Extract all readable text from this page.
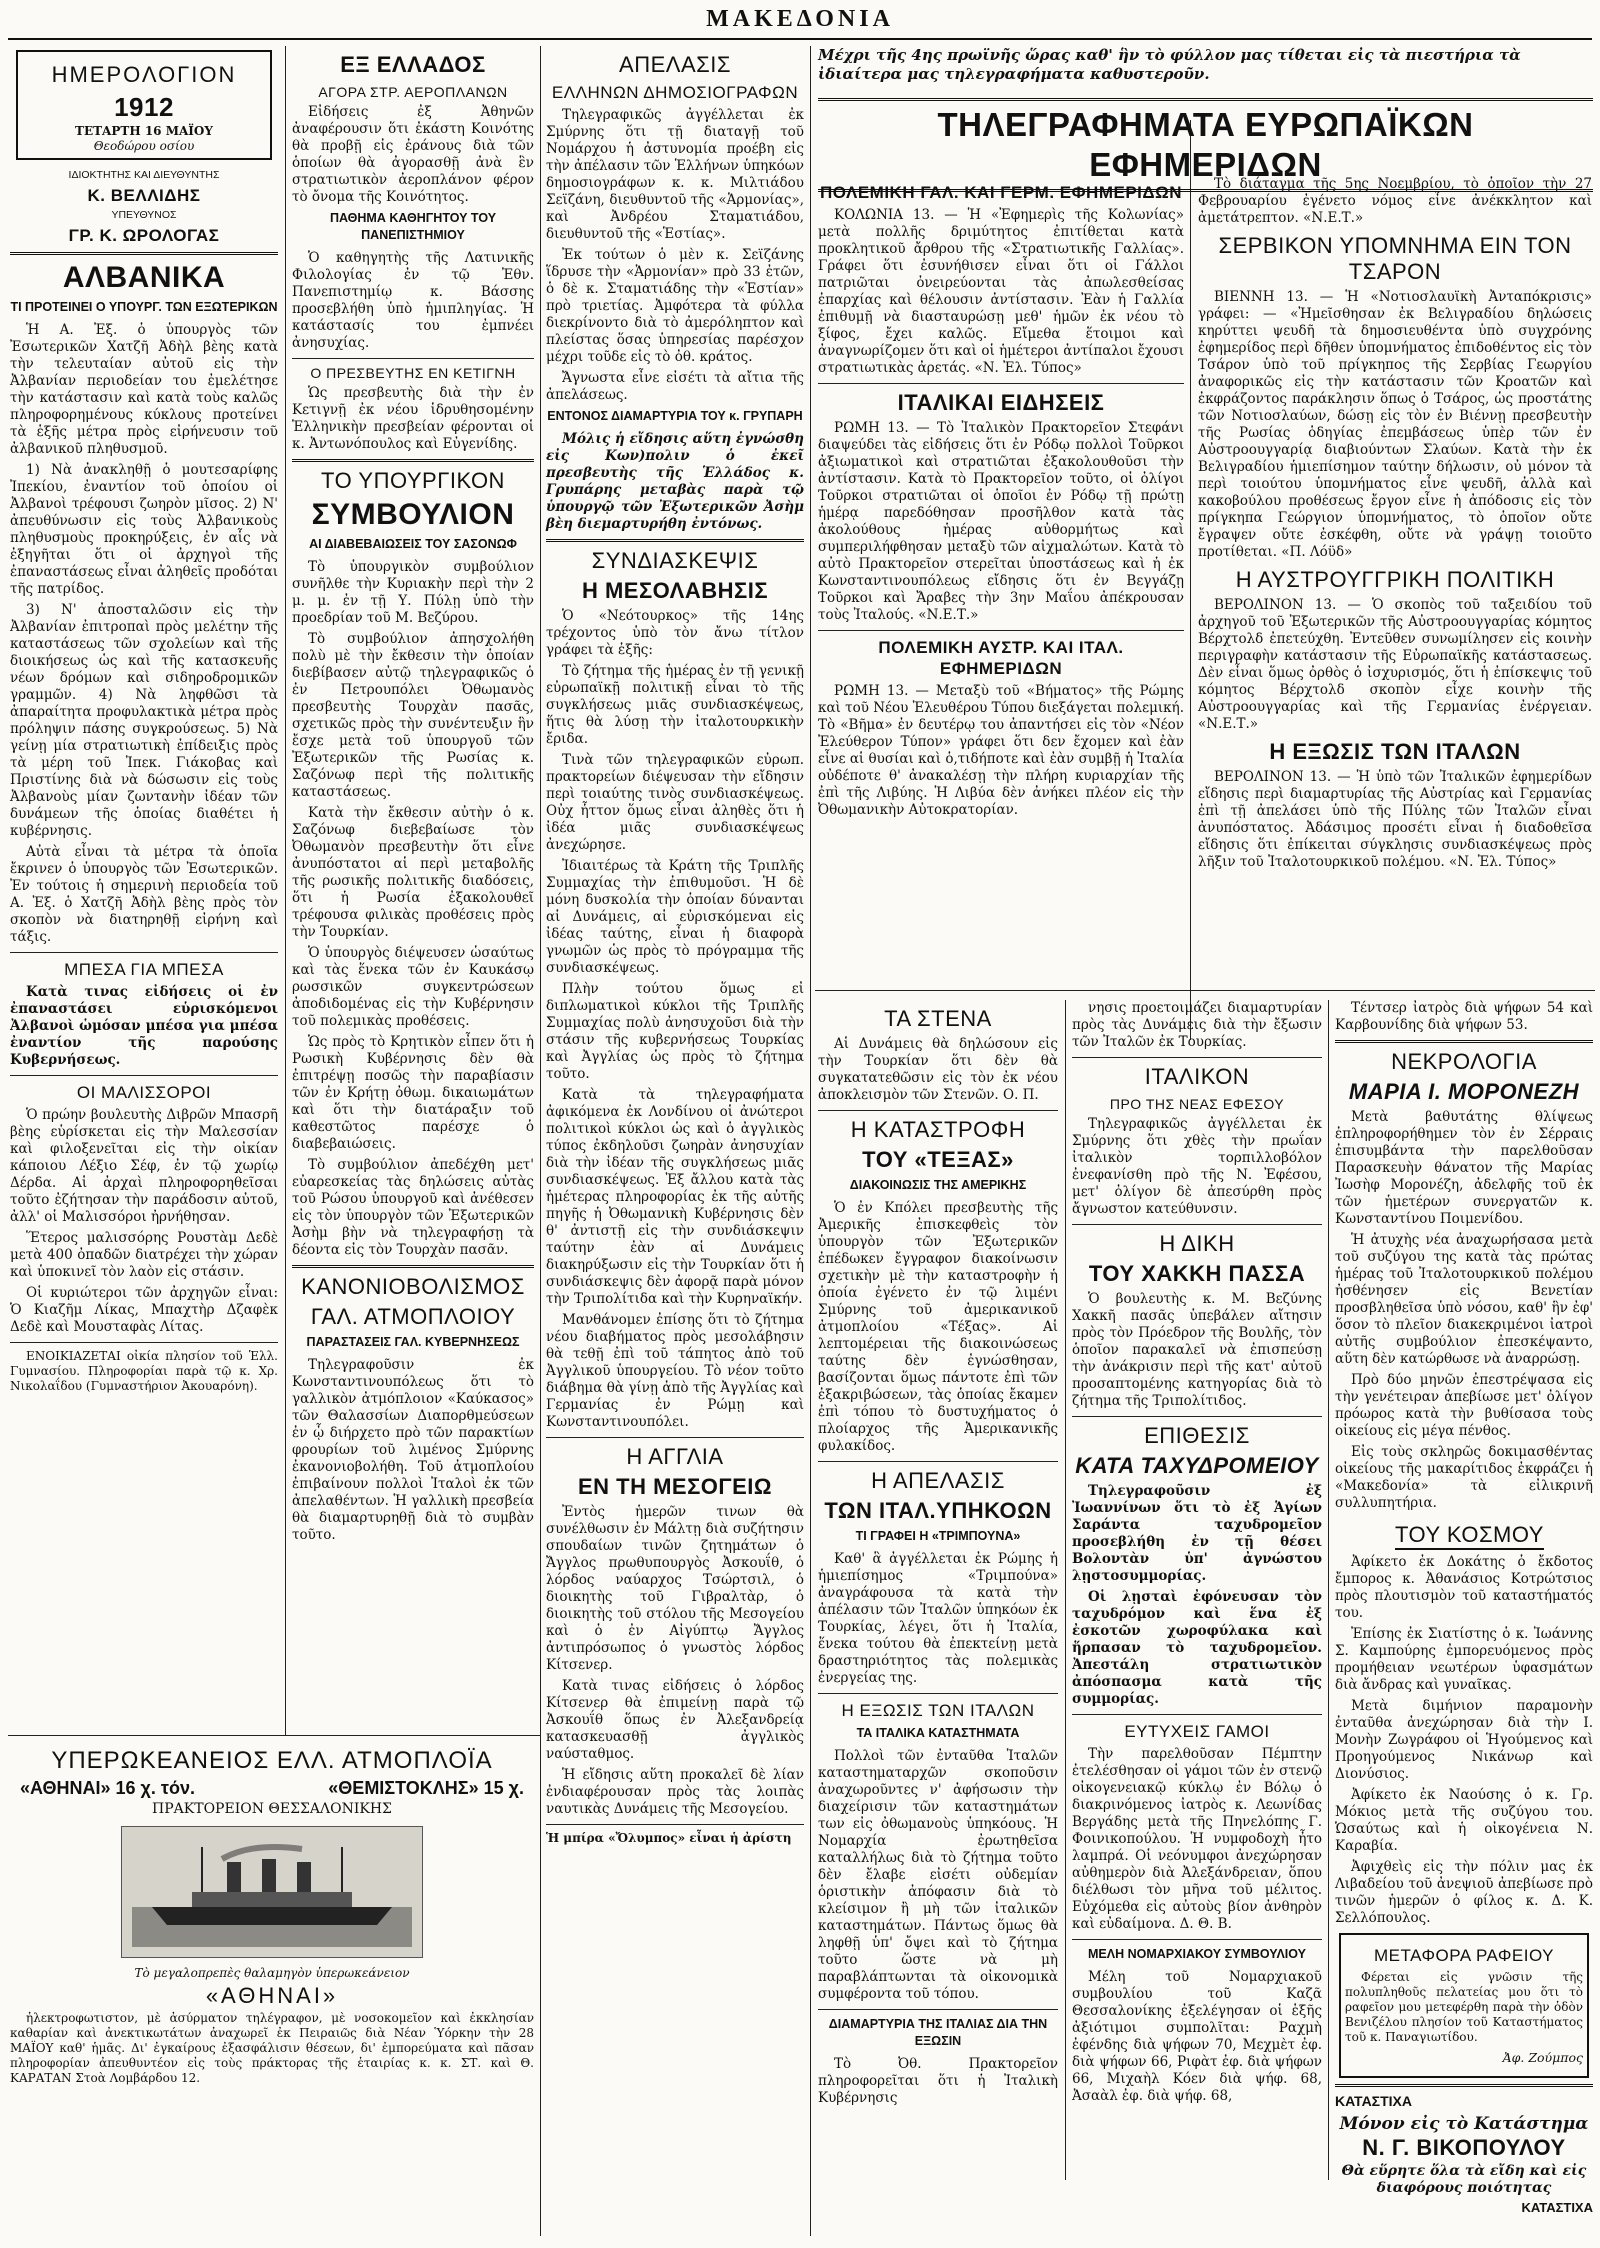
ΜΑΚΕΔΟΝΙΑ
ΗΜΕΡΟΛΟΓΙΟΝ
1912
ΤΕΤΑΡΤΗ 16 ΜΑΪΟΥ
Θεοδώρου οσίου
ΙΔΙΟΚΤΗΤΗΣ ΚΑΙ ΔΙΕΥΘΥΝΤΗΣ
Κ. ΒΕΛΛΙΔΗΣ
ΥΠΕΥΘΥΝΟΣ
ΓΡ. Κ. ΩΡΟΛΟΓΑΣ
ΑΛΒΑΝΙΚΑ
ΤΙ ΠΡΟΤΕΙΝΕΙ Ο ΥΠΟΥΡΓ. ΤΩΝ ΕΞΩΤΕΡΙΚΩΝ

Ἡ Α. Ἐξ. ὁ ὑπουργὸς τῶν Ἐσωτερικῶν Χατζῆ Ἀδὴλ βὲης κατὰ τὴν τελευταίαν αὐτοῦ εἰς τὴν Ἀλβανίαν περιοδείαν του ἐμελέτησε τὴν κατάστασιν καὶ κατὰ τοὺς καλῶς πληροφορημένους κύκλους προτείνει τὰ ἑξῆς μέτρα πρὸς εἰρήνευσιν τοῦ ἀλβανικοῦ πληθυσμοῦ.

1) Νὰ ἀνακληθῇ ὁ μουτεσαρίφης Ἰπεκίου, ἐναντίον τοῦ ὁποίου οἱ Ἀλβανοὶ τρέφουσι ζωηρὸν μῖσος. 2) Ν' ἀπευθύνωσιν εἰς τοὺς Ἀλβανικοὺς πληθυσμοὺς προκηρύξεις, ἐν αἷς νὰ ἐξηγῆται ὅτι οἱ ἀρχηγοὶ τῆς ἐπαναστάσεως εἶναι ἀληθεῖς προδόται τῆς πατρίδος.

3) Ν' ἀποσταλῶσιν εἰς τὴν Ἀλβανίαν ἐπιτροπαὶ πρὸς μελέτην τῆς καταστάσεως τῶν σχολείων καὶ τῆς διοικήσεως ὡς καὶ τῆς κατασκευῆς νέων δρόμων καὶ σιδηροδρομικῶν γραμμῶν. 4) Νὰ ληφθῶσι τὰ ἀπαραίτητα προφυλακτικὰ μέτρα πρὸς πρόληψιν πάσης συγκρούσεως. 5) Νὰ γείνῃ μία στρατιωτικὴ ἐπίδειξις πρὸς τὰ μέρη τοῦ Ἰπεκ. Γιάκοβας καὶ Πριστίνης διὰ νὰ δώσωσιν εἰς τοὺς Ἀλβανοὺς μίαν ζωντανὴν ἰδέαν τῶν δυνάμεων τῆς ὁποίας διαθέτει ἡ κυβέρνησις.

Αὐτὰ εἶναι τὰ μέτρα τὰ ὁποῖα ἔκρινεν ὁ ὑπουργὸς τῶν Ἐσωτερικῶν. Ἐν τούτοις ἡ σημερινὴ περιοδεία τοῦ Α. Ἐξ. ὁ Χατζῆ Ἀδὴλ βὲης πρὸς τὸν σκοπὸν νὰ διατηρηθῇ εἰρήνη καὶ τάξις.

ΜΠΕΣΑ ΓΙΑ ΜΠΕΣΑ

Κατὰ τινας εἰδήσεις οἱ ἐν ἐπαναστάσει εὑρισκόμενοι Ἀλβανοὶ ὡμόσαν μπέσα για μπέσα ἐναντίον τῆς παρούσης Κυβερνήσεως.

ΟΙ ΜΑΛΙΣΣΟΡΟΙ

Ὁ πρώην βουλευτὴς Διβρῶν Μπασρῆ βὲης εὑρίσκεται εἰς τὴν Μαλεσσίαν καὶ φιλοξενεῖται εἰς τὴν οἰκίαν κάποιου Λέξιο Σέφ, ἐν τῷ χωρίῳ Δέρδα. Αἱ ἀρχαὶ πληροφορηθεῖσαι τοῦτο ἐζήτησαν τὴν παράδοσιν αὐτοῦ, ἀλλ' οἱ Μαλισσόροι ἠρνήθησαν.

Ἕτερος μαλισσόρης Ρουστὰμ Δεδὲ μετὰ 400 ὀπαδῶν διατρέχει τὴν χώραν καὶ ὑποκινεῖ τὸν λαὸν εἰς στάσιν.

Οἱ κυριώτεροι τῶν ἀρχηγῶν εἶναι: Ὁ Κιαζῆμ Λίκας, Μπαχτὴρ Δζαφὲκ Δεδὲ καὶ Μουσταφὰς Λίτας.

ΕΝΟΙΚΙΑΖΕΤΑΙ οἰκία πλησίον τοῦ Ἑλλ. Γυμνασίου. Πληροφορίαι παρὰ τῷ κ. Χρ. Νικολαΐδου (Γυμναστήριον Ἀκουαρόνη).

ΕΞ ΕΛΛΑΔΟΣ
ΑΓΟΡΑ ΣΤΡ. ΑΕΡΟΠΛΑΝΩΝ

Εἰδήσεις ἐξ Ἀθηνῶν ἀναφέρουσιν ὅτι ἐκάστη Κοινότης θὰ προβῇ εἰς ἐράνους διὰ τῶν ὁποίων θὰ ἀγορασθῇ ἀνὰ ἓν στρατιωτικὸν ἀεροπλάνον φέρον τὸ ὄνομα τῆς Κοινότητος.

ΠΑΘΗΜΑ ΚΑΘΗΓΗΤΟΥ ΤΟΥ ΠΑΝΕΠΙΣΤΗΜΙΟΥ

Ὁ καθηγητὴς τῆς Λατινικῆς Φιλολογίας ἐν τῷ Ἐθν. Πανεπιστημίῳ κ. Βάσσης προσεβλήθη ὑπὸ ἡμιπληγίας. Ἡ κατάστασίς του ἐμπνέει ἀνησυχίας.

Ο ΠΡΕΣΒΕΥΤΗΣ ΕΝ ΚΕΤΙΓΝΗ

Ὡς πρεσβευτὴς διὰ τὴν ἐν Κετιγνῇ ἐκ νέου ἱδρυθησομένην Ἑλληνικὴν πρεσβείαν φέρονται οἱ κ. Ἀντωνόπουλος καὶ Εὐγενίδης.

ΤΟ ΥΠΟΥΡΓΙΚΟΝ
ΣΥΜΒΟΥΛΙΟΝ
ΑΙ ΔΙΑΒΕΒΑΙΩΣΕΙΣ ΤΟΥ ΣΑΣΟΝΩΦ

Τὸ ὑπουργικὸν συμβούλιον συνῆλθε τὴν Κυριακὴν περὶ τὴν 2 μ. μ. ἐν τῇ Υ. Πύλῃ ὑπὸ τὴν προεδρίαν τοῦ Μ. Βεζύρου.

Τὸ συμβούλιον ἀπησχολήθη πολὺ μὲ τὴν ἔκθεσιν τὴν ὁποίαν διεβίβασεν αὐτῷ τηλεγραφικῶς ὁ ἐν Πετρουπόλει Ὀθωμανὸς πρεσβευτὴς Τουρχὰν πασᾶς, σχετικῶς πρὸς τὴν συνέντευξιν ἣν ἔσχε μετὰ τοῦ ὑπουργοῦ τῶν Ἐξωτερικῶν τῆς Ρωσίας κ. Σαζόνωφ περὶ τῆς πολιτικῆς καταστάσεως.

Κατὰ τὴν ἔκθεσιν αὐτὴν ὁ κ. Σαζόνωφ διεβεβαίωσε τὸν Ὀθωμανὸν πρεσβευτὴν ὅτι εἶνε ἀνυπόστατοι αἱ περὶ μεταβολῆς τῆς ρωσικῆς πολιτικῆς διαδόσεις, ὅτι ἡ Ρωσία ἐξακολουθεῖ τρέφουσα φιλικὰς προθέσεις πρὸς τὴν Τουρκίαν.

Ὁ ὑπουργὸς διέψευσεν ὡσαύτως καὶ τὰς ἕνεκα τῶν ἐν Καυκάσῳ ρωσσικῶν συγκεντρώσεων ἀποδιδομένας εἰς τὴν Κυβέρνησιν τοῦ πολεμικὰς προθέσεις.

Ὡς πρὸς τὸ Κρητικὸν εἶπεν ὅτι ἡ Ρωσικὴ Κυβέρνησις δὲν θὰ ἐπιτρέψῃ ποσῶς τὴν παραβίασιν τῶν ἐν Κρήτῃ ὀθωμ. δικαιωμάτων καὶ ὅτι τὴν διατάραξιν τοῦ καθεστῶτος παρέσχε ὁ διαβεβαιώσεις.

Τὸ συμβούλιον ἀπεδέχθη μετ' εὐαρεσκείας τὰς δηλώσεις αὐτὰς τοῦ Ρώσου ὑπουργοῦ καὶ ἀνέθεσεν εἰς τὸν ὑπουργὸν τῶν Ἐξωτερικῶν Ἀσὴμ βὴν νὰ τηλεγραφήσῃ τὰ δέοντα εἰς τὸν Τουρχὰν πασᾶν.

ΚΑΝΟΝΙΟΒΟΛΙΣΜΟΣ
ΓΑΛ. ΑΤΜΟΠΛΟΙΟΥ
ΠΑΡΑΣΤΑΣΕΙΣ ΓΑΛ. ΚΥΒΕΡΝΗΣΕΩΣ

Τηλεγραφοῦσιν ἐκ Κωνσταντινουπόλεως ὅτι τὸ γαλλικὸν ἀτμόπλοιον «Καύκασος» τῶν Θαλασσίων Διαπορθμεύσεων ἐν ᾧ διήρχετο πρὸ τῶν παρακτίων φρουρίων τοῦ λιμένος Σμύρνης ἐκανονιοβολήθη. Τοῦ ἀτμοπλοίου ἐπιβαίνουν πολλοὶ Ἰταλοὶ ἐκ τῶν ἀπελαθέντων. Ἡ γαλλικὴ πρεσβεία θὰ διαμαρτυρηθῇ διὰ τὸ συμβὰν τοῦτο.

ΑΠΕΛΑΣΙΣ
ΕΛΛΗΝΩΝ ΔΗΜΟΣΙΟΓΡΑΦΩΝ

Τηλεγραφικῶς ἀγγέλλεται ἐκ Σμύρνης ὅτι τῇ διαταγῇ τοῦ Νομάρχου ἡ ἀστυνομία προέβη εἰς τὴν ἀπέλασιν τῶν Ἑλλήνων ὑπηκόων δημοσιογράφων κ. κ. Μιλτιάδου Σεϊζάνη, διευθυντοῦ τῆς «Ἁρμονίας», καὶ Ἀνδρέου Σταματιάδου, διευθυντοῦ τῆς «Ἑστίας».

Ἐκ τούτων ὁ μὲν κ. Σεϊζάνης ἵδρυσε τὴν «Ἁρμονίαν» πρὸ 33 ἐτῶν, ὁ δὲ κ. Σταματιάδης τὴν «Ἑστίαν» πρὸ τριετίας. Ἀμφότερα τὰ φύλλα διεκρίνοντο διὰ τὸ ἀμερόληπτον καὶ πλείστας ὅσας ὑπηρεσίας παρέσχον μέχρι τοῦδε εἰς τὸ ὀθ. κράτος.

Ἄγνωστα εἶνε εἰσέτι τὰ αἴτια τῆς ἀπελάσεως.

ΕΝΤΟΝΟΣ ΔΙΑΜΑΡΤΥΡΙΑ ΤΟΥ κ. ΓΡΥΠΑΡΗ

Μόλις ἡ εἴδησις αὕτη ἐγνώσθη εἰς Κων)πολιν ὁ ἐκεῖ πρεσβευτὴς τῆς Ἑλλάδος κ. Γρυπάρης μεταβὰς παρὰ τῷ ὑπουργῷ τῶν Ἐξωτερικῶν Ἀσὴμ βὲη διεμαρτυρήθη ἐντόνως.

ΣΥΝΔΙΑΣΚΕΨΙΣ
Η ΜΕΣΟΛΑΒΗΣΙΣ

Ὁ «Νεότουρκος» τῆς 14ης τρέχοντος ὑπὸ τὸν ἄνω τίτλον γράφει τὰ ἑξῆς:

Τὸ ζήτημα τῆς ἡμέρας ἐν τῇ γενικῇ εὐρωπαϊκῇ πολιτικῇ εἶναι τὸ τῆς συγκλήσεως μιᾶς συνδιασκέψεως, ἥτις θὰ λύσῃ τὴν ἰταλοτουρκικὴν ἔριδα.

Τινὰ τῶν τηλεγραφικῶν εὐρωπ. πρακτορείων διέψευσαν τὴν εἴδησιν περὶ τοιαύτης τινὸς συνδιασκέψεως. Οὐχ ἧττον ὅμως εἶναι ἀληθὲς ὅτι ἡ ἰδέα μιᾶς συνδιασκέψεως ἀνεχώρησε.

Ἰδιαιτέρως τὰ Κράτη τῆς Τριπλῆς Συμμαχίας τὴν ἐπιθυμοῦσι. Ἡ δὲ μόνη δυσκολία τὴν ὁποίαν δύνανται αἱ Δυνάμεις, αἱ εὐρισκόμεναι εἰς ἰδέας ταύτης, εἶναι ἡ διαφορὰ γνωμῶν ὡς πρὸς τὸ πρόγραμμα τῆς συνδιασκέψεως.

Πλὴν τούτου ὅμως εἰ διπλωματικοὶ κύκλοι τῆς Τριπλῆς Συμμαχίας πολὺ ἀνησυχοῦσι διὰ τὴν στάσιν τῆς κυβερνήσεως Τουρκίας καὶ Ἀγγλίας ὡς πρὸς τὸ ζήτημα τοῦτο.

Κατὰ τὰ τηλεγραφήματα ἀφικόμενα ἐκ Λονδίνου οἱ ἀνώτεροι πολιτικοὶ κύκλοι ὡς καὶ ὁ ἀγγλικὸς τύπος ἐκδηλοῦσι ζωηρὰν ἀνησυχίαν διὰ τὴν ἰδέαν τῆς συγκλήσεως μιᾶς συνδιασκέψεως. Ἐξ ἄλλου κατὰ τὰς ἡμέτερας πληροφορίας ἐκ τῆς αὐτῆς πηγῆς ἡ Ὀθωμανικὴ Κυβέρνησις δὲν θ' ἀντιστῇ εἰς τὴν συνδιάσκεψιν ταύτην ἐὰν αἱ Δυνάμεις διακηρύξωσιν εἰς τὴν Τουρκίαν ὅτι ἡ συνδιάσκεψις δὲν ἀφορᾷ παρὰ μόνον τὴν Τριπολίτιδα καὶ τὴν Κυρηναϊκήν.

Μανθάνομεν ἐπίσης ὅτι τὸ ζήτημα νέου διαβήματος πρὸς μεσολάβησιν θὰ τεθῇ ἐπὶ τοῦ τάπητος ἀπὸ τοῦ Ἀγγλικοῦ ὑπουργείου. Τὸ νέον τοῦτο διάβημα θὰ γίνῃ ἀπὸ τῆς Ἀγγλίας καὶ Γερμανίας ἐν Ρώμῃ καὶ Κωνσταντινουπόλει.

Η ΑΓΓΛΙΑ
ΕΝ ΤΗ ΜΕΣΟΓΕΙΩ

Ἐντὸς ἡμερῶν τινων θὰ συνέλθωσιν ἐν Μάλτῃ διὰ συζήτησιν σπουδαίων τινῶν ζητημάτων ὁ Ἄγγλος πρωθυπουργὸς Ἀσκουΐθ, ὁ λόρδος ναύαρχος Τσώρτσιλ, ὁ διοικητὴς τοῦ Γιβραλτὰρ, ὁ διοικητὴς τοῦ στόλου τῆς Μεσογείου καὶ ὁ ἐν Αἰγύπτῳ Ἄγγλος ἀντιπρόσωπος ὁ γνωστὸς λόρδος Κίτσενερ.

Κατὰ τινας εἰδήσεις ὁ λόρδος Κίτσενερ θὰ ἐπιμείνῃ παρὰ τῷ Ἀσκουΐθ ὅπως ἐν Ἀλεξανδρείᾳ κατασκευασθῇ ἀγγλικὸς ναύσταθμος.

Ἡ εἴδησις αὕτη προκαλεῖ δὲ λίαν ἐνδιαφέρουσαν πρὸς τὰς λοιπὰς ναυτικὰς Δυνάμεις τῆς Μεσογείου.

Ἡ μπίρα «Ὄλυμπος» εἶναι ἡ ἀρίστη

Μέχρι τῆς 4ης πρωϊνῆς ὥρας καθ' ἣν τὸ φύλλον μας τίθεται εἰς τὰ πιεστήρια τὰ ἰδιαίτερα μας τηλεγραφήματα καθυστεροῦν.
ΤΗΛΕΓΡΑΦΗΜΑΤΑ ΕΥΡΩΠΑΪΚΩΝ ΕΦΗΜΕΡΙΔΩΝ
ΠΟΛΕΜΙΚΗ ΓΑΛ. ΚΑΙ ΓΕΡΜ. ΕΦΗΜΕΡΙΔΩΝ

ΚΟΛΩΝΙΑ 13. — Ἡ «Ἐφημερὶς τῆς Κολωνίας» μετὰ πολλῆς δριμύτητος ἐπιτίθεται κατὰ προκλητικοῦ ἄρθρου τῆς «Στρατιωτικῆς Γαλλίας». Γράφει ὅτι ἐσυνήθισεν εἶναι ὅτι οἱ Γάλλοι πατριῶται ὀνειρεύονται τὰς ἀπωλεσθείσας ἐπαρχίας καὶ θέλουσιν ἀντίστασιν. Ἐὰν ἡ Γαλλία ἐπιθυμῇ νὰ διασταυρώσῃ μεθ' ἡμῶν ἐκ νέου τὸ ξίφος, ἔχει καλῶς. Εἴμεθα ἕτοιμοι καὶ ἀναγνωρίζομεν ὅτι καὶ οἱ ἡμέτεροι ἀντίπαλοι ἔχουσι στρατιωτικὰς ἀρετάς. «Ν. Ἐλ. Τύπος»

ΙΤΑΛΙΚΑΙ ΕΙΔΗΣΕΙΣ

ΡΩΜΗ 13. — Τὸ Ἰταλικὸν Πρακτορεῖον Στεφάνι διαψεύδει τὰς εἰδήσεις ὅτι ἐν Ρόδῳ πολλοὶ Τοῦρκοι ἀξιωματικοὶ καὶ στρατιῶται ἐξακολουθοῦσι τὴν ἀντίστασιν. Κατὰ τὸ Πρακτορεῖον τοῦτο, οἱ ὀλίγοι Τοῦρκοι στρατιῶται οἱ ὁποῖοι ἐν Ρόδῳ τῇ πρώτῃ ἡμέρᾳ παρεδόθησαν προσῆλθον κατὰ τὰς ἀκολούθους ἡμέρας αὐθορμήτως καὶ συμπεριλήφθησαν μεταξὺ τῶν αἰχμαλώτων. Κατὰ τὸ αὐτὸ Πρακτορεῖον στερεῖται ὑποστάσεως καὶ ἡ ἐκ Κωνσταντινουπόλεως εἴδησις ὅτι ἐν Βεγγάζῃ Τοῦρκοι καὶ Ἄραβες τὴν 3ην Μαΐου ἀπέκρουσαν τοὺς Ἰταλούς. «Ν.Ε.Τ.»

ΠΟΛΕΜΙΚΗ ΑΥΣΤΡ. ΚΑΙ ΙΤΑΛ. ΕΦΗΜΕΡΙΔΩΝ

ΡΩΜΗ 13. — Μεταξὺ τοῦ «Βήματος» τῆς Ρώμης καὶ τοῦ Νέου Ἐλευθέρου Τύπου διεξάγεται πολεμική. Τὸ «Βῆμα» ἐν δευτέρῳ του ἀπαντήσει εἰς τὸν «Νέον Ἐλεύθερον Τύπον» γράφει ὅτι δεν ἔχομεν καὶ ἐὰν εἶνε αἱ θυσίαι καὶ ὁ,τιδήποτε καὶ ἐὰν συμβῇ ἡ Ἰταλία οὐδέποτε θ' ἀνακαλέσῃ τὴν πλήρη κυριαρχίαν τῆς ἐπὶ τῆς Λιβύης. Ἡ Λιβύα δὲν ἀνήκει πλέον εἰς τὴν Ὀθωμανικὴν Αὐτοκρατορίαν.

Τὸ διάταγμα τῆς 5ης Νοεμβρίου, τὸ ὁποῖον τὴν 27 Φεβρουαρίου ἐγένετο νόμος εἶνε ἀνέκκλητον καὶ ἀμετάτρεπτον. «Ν.Ε.Τ.»

ΣΕΡΒΙΚΟΝ ΥΠΟΜΝΗΜΑ ΕΙΝ ΤΟΝ ΤΣΑΡΟΝ

ΒΙΕΝΝΗ 13. — Ἡ «Νοτιοσλαυϊκὴ Ἀνταπόκρισις» γράφει: — «Ἠμεῖσθησαν ἐκ Βελιγραδίου δηλώσεις κηρύττει ψευδῆ τὰ δημοσιευθέντα ὑπὸ συγχρόνης ἐφημερίδος περὶ δῆθεν ὑπομνήματος ἐπιδοθέντος εἰς τὸν Τσάρον ὑπὸ τοῦ πρίγκηπος τῆς Σερβίας Γεωργίου ἀναφορικῶς εἰς τὴν κατάστασιν τῶν Κροατῶν καὶ ἐκφράζοντος παράκλησιν ὅπως ὁ Τσάρος, ὡς προστάτης τῶν Νοτιοσλαύων, δώσῃ εἰς τὸν ἐν Βιέννῃ πρεσβευτὴν τῆς Ρωσίας ὁδηγίας ἐπεμβάσεως ὑπὲρ τῶν ἐν Αὐστροουγγαρίᾳ διαβιούντων Σλαύων. Κατὰ τὴν ἐκ Βελιγραδίου ἡμιεπίσημον ταύτην δήλωσιν, οὐ μόνον τὰ περὶ τοιούτου ὑπομνήματος εἶνε ψευδῆ, ἀλλὰ καὶ κακοβούλου προθέσεως ἔργον εἶνε ἡ ἀπόδοσις εἰς τὸν πρίγκηπα Γεώργιον ὑπομνήματος, τὸ ὁποῖον οὔτε ἔγραψεν οὔτε ἐσκέφθη, οὔτε νὰ γράψῃ τοιοῦτο προτίθεται. «Π. Λόϋδ»

Η ΑΥΣΤΡΟΥΓΓΡΙΚΗ ΠΟΛΙΤΙΚΗ

ΒΕΡΟΛΙΝΟΝ 13. — Ὁ σκοπὸς τοῦ ταξειδίου τοῦ ἀρχηγοῦ τοῦ Ἐξωτερικῶν τῆς Αὐστροουγγαρίας κόμητος Βέρχτολδ ἐπετεύχθη. Ἐντεῦθεν συνωμίλησεν εἰς κοινὴν περιγραφὴν κατάστασιν τῆς Εὐρωπαϊκῆς κατάστασεως. Δὲν εἶναι ὅμως ὀρθὸς ὁ ἰσχυρισμός, ὅτι ἡ ἐπίσκεψις τοῦ κόμητος Βέρχτολδ σκοπὸν εἶχε κοινὴν τῆς Αὐστροουγγαρίας καὶ τῆς Γερμανίας ἐνέργειαν. «Ν.Ε.Τ.»

Η ΕΞΩΣΙΣ ΤΩΝ ΙΤΑΛΩΝ

ΒΕΡΟΛΙΝΟΝ 13. — Ἡ ὑπὸ τῶν Ἰταλικῶν ἐφημερίδων εἴδησις περὶ διαμαρτυρίας τῆς Αὐστρίας καὶ Γερμανίας ἐπὶ τῇ ἀπελάσει ὑπὸ τῆς Πύλης τῶν Ἰταλῶν εἶναι ἀνυπόστατος. Ἀδάσιμος προσέτι εἶναι ἡ διαδοθεῖσα εἴδησις ὅτι ἐπίκειται σύγκλησις συνδιασκέψεως πρὸς λῆξιν τοῦ Ἰταλοτουρκικοῦ πολέμου. «Ν. Ἐλ. Τύπος»

ΤΑ ΣΤΕΝΑ

Αἱ Δυνάμεις θὰ δηλώσουν εἰς τὴν Τουρκίαν ὅτι δὲν θὰ συγκατατεθῶσιν εἰς τὸν ἐκ νέου ἀποκλεισμὸν τῶν Στενῶν. Ο. Π.

Η ΚΑΤΑΣΤΡΟΦΗ
ΤΟΥ «ΤΕΞΑΣ»
ΔΙΑΚΟΙΝΩΣΙΣ ΤΗΣ ΑΜΕΡΙΚΗΣ

Ὁ ἐν Κπόλει πρεσβευτὴς τῆς Ἀμερικῆς ἐπισκεφθεὶς τὸν ὑπουργὸν τῶν Ἐξωτερικῶν ἐπέδωκεν ἔγγραφον διακοίνωσιν σχετικὴν μὲ τὴν καταστροφὴν ἡ ὁποία ἐγένετο ἐν τῷ λιμένι Σμύρνης τοῦ ἀμερικανικοῦ ἀτμοπλοίου «Τέξας». Αἱ λεπτομέρειαι τῆς διακοινώσεως ταύτης δὲν ἐγνώσθησαν, βασίζονται ὅμως πάντοτε ἐπὶ τῶν ἐξακριβώσεων, τὰς ὁποίας ἔκαμεν ἐπὶ τόπου τὸ δυστυχήματος ὁ πλοίαρχος τῆς Ἀμερικανικῆς φυλακίδος.

Η ΑΠΕΛΑΣΙΣ
ΤΩΝ ΙΤΑΛ.ΥΠΗΚΟΩΝ
ΤΙ ΓΡΑΦΕΙ Η «ΤΡΙΜΠΟΥΝΑ»

Καθ' ἃ ἀγγέλλεται ἐκ Ρώμης ἡ ἡμιεπίσημος «Τριμπούνα» ἀναγράφουσα τὰ κατὰ τὴν ἀπέλασιν τῶν Ἰταλῶν ὑπηκόων ἐκ Τουρκίας, λέγει, ὅτι ἡ Ἰταλία, ἕνεκα τούτου θὰ ἐπεκτείνῃ μετὰ δραστηριότητος τὰς πολεμικὰς ἐνεργείας της.

Η ΕΞΩΣΙΣ ΤΩΝ ΙΤΑΛΩΝ
ΤΑ ΙΤΑΛΙΚΑ ΚΑΤΑΣΤΗΜΑΤΑ

Πολλοὶ τῶν ἐνταῦθα Ἰταλῶν καταστηματαρχῶν σκοποῦσιν ἀναχωροῦντες ν' ἀφήσωσιν τὴν διαχείρισιν τῶν καταστημάτων των εἰς ὀθωμανοὺς ὑπηκόους. Ἡ Νομαρχία ἐρωτηθεῖσα καταλλήλως διὰ τὸ ζήτημα τοῦτο δὲν ἔλαβε εἰσέτι οὐδεμίαν ὁριστικὴν ἀπόφασιν διὰ τὸ κλείσιμον ἢ μὴ τῶν ἰταλικῶν καταστημάτων. Πάντως ὅμως θὰ ληφθῇ ὑπ' ὄψει καὶ τὸ ζήτημα τοῦτο ὥστε νὰ μὴ παραβλάπτωνται τὰ οἰκονομικὰ συμφέροντα τοῦ τόπου.

ΔΙΑΜΑΡΤΥΡΙΑ ΤΗΣ ΙΤΑΛΙΑΣ ΔΙΑ ΤΗΝ ΕΞΩΣΙΝ

Τὸ Ὀθ. Πρακτορεῖον πληροφορεῖται ὅτι ἡ Ἰταλικὴ Κυβέρνησις

νησις προετοιμάζει διαμαρτυρίαν πρὸς τὰς Δυνάμεις διὰ τὴν ἔξωσιν τῶν Ἰταλῶν ἐκ Τουρκίας.

ΙΤΑΛΙΚΟΝ
ΠΡΟ ΤΗΣ ΝΕΑΣ ΕΦΕΣΟΥ

Τηλεγραφικῶς ἀγγέλλεται ἐκ Σμύρνης ὅτι χθὲς τὴν πρωΐαν ἰταλικὸν τορπιλλοβόλον ἐνεφανίσθη πρὸ τῆς Ν. Ἐφέσου, μετ' ὀλίγον δὲ ἀπεσύρθη πρὸς ἄγνωστον κατεύθυνσιν.

Η ΔΙΚΗ
ΤΟΥ ΧΑΚΚΗ ΠΑΣΣΑ

Ὁ βουλευτὴς κ. Μ. Βεζύνης Χακκῆ πασᾶς ὑπεβάλεν αἴτησιν πρὸς τὸν Πρόεδρον τῆς Βουλῆς, τὸν ὁποῖον παρακαλεῖ νὰ ἐπισπεύσῃ τὴν ἀνάκρισιν περὶ τῆς κατ' αὐτοῦ προσαπτομένης κατηγορίας διὰ τὸ ζήτημα τῆς Τριπολίτιδος.

ΕΠΙΘΕΣΙΣ
ΚΑΤΑ ΤΑΧΥΔΡΟΜΕΙΟΥ

Τηλεγραφοῦσιν ἐξ Ἰωαννίνων ὅτι τὸ ἐξ Ἁγίων Σαράντα ταχυδρομεῖον προσεβλήθη ἐν τῇ θέσει Βολοντὰν ὑπ' ἀγνώστου λῃστοσυμμορίας.

Οἱ λῃσταὶ ἐφόνευσαν τὸν ταχυδρόμον καὶ ἕνα ἐξ ἐσκοτῶν χωροφύλακα καὶ ἥρπασαν τὸ ταχυδρομεῖον. Ἀπεστάλη στρατιωτικὸν ἀπόσπασμα κατὰ τῆς συμμορίας.

ΕΥΤΥΧΕΙΣ ΓΑΜΟΙ

Τὴν παρελθοῦσαν Πέμπτην ἐτελέσθησαν οἱ γάμοι τῶν ἐν στενῷ οἰκογενειακῷ κύκλῳ ἐν Βόλῳ ὁ διακρινόμενος ἰατρὸς κ. Λεωνίδας Βεργάδης μετὰ τῆς Πηνελόπης Γ. Φοινικοπούλου. Ἡ νυμφοδοχὴ ἦτο λαμπρά. Οἱ νεόνυμφοι ἀνεχώρησαν αὐθημερὸν διὰ Ἀλεξάνδρειαν, ὅπου διέλθωσι τὸν μῆνα τοῦ μέλιτος. Εὐχόμεθα εἰς αὐτοὺς βίον ἀνθηρὸν καὶ εὐδαίμονα. Δ. Θ. Β.

ΜΕΛΗ ΝΟΜΑΡΧΙΑΚΟΥ ΣΥΜΒΟΥΛΙΟΥ

Μέλη τοῦ Νομαρχιακοῦ συμβουλίου τοῦ Καζᾶ Θεσσαλονίκης ἐξελέγησαν οἱ ἑξῆς ἀξιότιμοι συμπολῖται: Ραχμὴ ἐφένδης διὰ ψήφων 70, Μεχμὲτ ἐφ. διὰ ψήφων 66, Ριφὰτ ἐφ. διὰ ψήφων 66, Μιχαὴλ Κόεν διὰ ψήφ. 68, Ἀσαὰλ ἐφ. διὰ ψήφ. 68,

Τέντσερ ἰατρὸς διὰ ψήφων 54 καὶ Καρβουνίδης διὰ ψήφων 53.

ΝΕΚΡΟΛΟΓΙΑ
ΜΑΡΙΑ Ι. ΜΟΡΟΝΕΖΗ

Μετὰ βαθυτάτης θλίψεως ἐπληροφορήθημεν τὸν ἐν Σέρραις ἐπισυμβάντα τὴν παρελθοῦσαν Παρασκευὴν θάνατον τῆς Μαρίας Ἰωσὴφ Μορονέζη, ἀδελφῆς τοῦ ἐκ τῶν ἡμετέρων συνεργατῶν κ. Κωνσταντίνου Ποιμενίδου.

Ἡ ἀτυχὴς νέα ἀναχωρήσασα μετὰ τοῦ συζύγου της κατὰ τὰς πρώτας ἡμέρας τοῦ Ἰταλοτουρκικοῦ πολέμου ἠσθένησεν εἰς Βενετίαν προσβληθεῖσα ὑπὸ νόσου, καθ' ἣν ἐφ' ὅσον τὸ πλεῖον διακεκριμένοι ἰατροὶ αὐτῆς συμβούλιον ἐπεσκέψαντο, αὕτη δὲν κατώρθωσε νὰ ἀναρρώσῃ.

Πρὸ δύο μηνῶν ἐπεστρέψασα εἰς τὴν γενέτειραν ἀπεβίωσε μετ' ὀλίγον πρόωρος κατὰ τὴν βυθίσασα τοὺς οἰκείους εἰς μέγα πένθος.

Εἰς τοὺς σκληρῶς δοκιμασθέντας οἰκείους τῆς μακαρίτιδος ἐκφράζει ἡ «Μακεδονία» τὰ εἰλικρινῆ συλλυπητήρια.

ΤΟΥ ΚΟΣΜΟΥ

Ἀφίκετο ἐκ Δοκάτης ὁ ἔκδοτος ἔμπορος κ. Ἀθανάσιος Κοτρώτσιος πρὸς πλουτισμὸν τοῦ καταστήματός του.

Ἐπίσης ἐκ Σιατίστης ὁ κ. Ἰωάννης Σ. Καμπούρης ἐμπορευόμενος πρὸς προμήθειαν νεωτέρων ὑφασμάτων διὰ ἄνδρας καὶ γυναῖκας.

Μετὰ διμήνιον παραμονὴν ἐνταῦθα ἀνεχώρησαν διὰ τὴν Ι. Μονὴν Ζωγράφου οἱ Ἡγούμενος καὶ Προηγούμενος Νικάνωρ καὶ Διονύσιος.

Ἀφίκετο ἐκ Ναούσης ὁ κ. Γρ. Μόκιος μετὰ τῆς συζύγου του. Ὡσαύτως καὶ ἡ οἰκογένεια Ν. Καραβία.

Ἀφιχθεὶς εἰς τὴν πόλιν μας ἐκ Λιβαδείου τοῦ ἀνεψιοῦ ἀπεβίωσε πρὸ τινῶν ἡμερῶν ὁ φίλος κ. Δ. Κ. Σελλόπουλος.

ΜΕΤΑΦΟΡΑ ΡΑΦΕΙΟΥ

Φέρεται εἰς γνῶσιν τῆς πολυπληθοῦς πελατείας μου ὅτι τὸ ραφεῖον μου μετεφέρθη παρὰ τὴν ὁδὸν Βενιζέλου πλησίον τοῦ Καταστήματος τοῦ κ. Παναγιωτίδου.

Ἀφ. Ζούμπος
ΚΑΤΑΣΤΙΧΑ
Μόνον εἰς τὸ Κατάστημα
Ν. Γ. ΒΙΚΟΠΟΥΛΟΥ
Θὰ εὕρητε ὅλα τὰ εἴδη καὶ εἰς διαφόρους ποιότητας
ΚΑΤΑΣΤΙΧΑ
ΥΠΕΡΩΚΕΑΝΕΙΟΣ ΕΛΛ. ΑΤΜΟΠΛΟΪΑ
«ΑΘΗΝΑΙ» 16 χ. τόν.	«ΘΕΜΙΣΤΟΚΛΗΣ» 15 χ.
ΠΡΑΚΤΟΡΕΙΟΝ ΘΕΣΣΑΛΟΝΙΚΗΣ
Τὸ μεγαλοπρεπὲς θαλαμηγὸν ὑπερωκεάνειον
«ΑΘΗΝΑΙ»

ἠλεκτροφωτιστον, μὲ ἀσύρματον τηλέγραφον, μὲ νοσοκομεῖον καὶ ἐκκλησίαν καθαρίαν καὶ ἀνεκτικωτάτων ἀναχωρεῖ ἐκ Πειραιῶς διὰ Νέαν Ὑόρκην τὴν 28 ΜΑΪΟΥ καθ' ἡμᾶς. Δι' ἐγκαίρους ἐξασφάλισιν θέσεων, δι' ἐμπορεύματα καὶ πᾶσαν πληροφορίαν ἀπευθυντέον εἰς τοὺς πράκτορας τῆς ἑταιρίας κ. κ. ΣΤ. καὶ Θ. ΚΑΡΑΤΑΝ Στοὰ Λομβάρδου 12.
